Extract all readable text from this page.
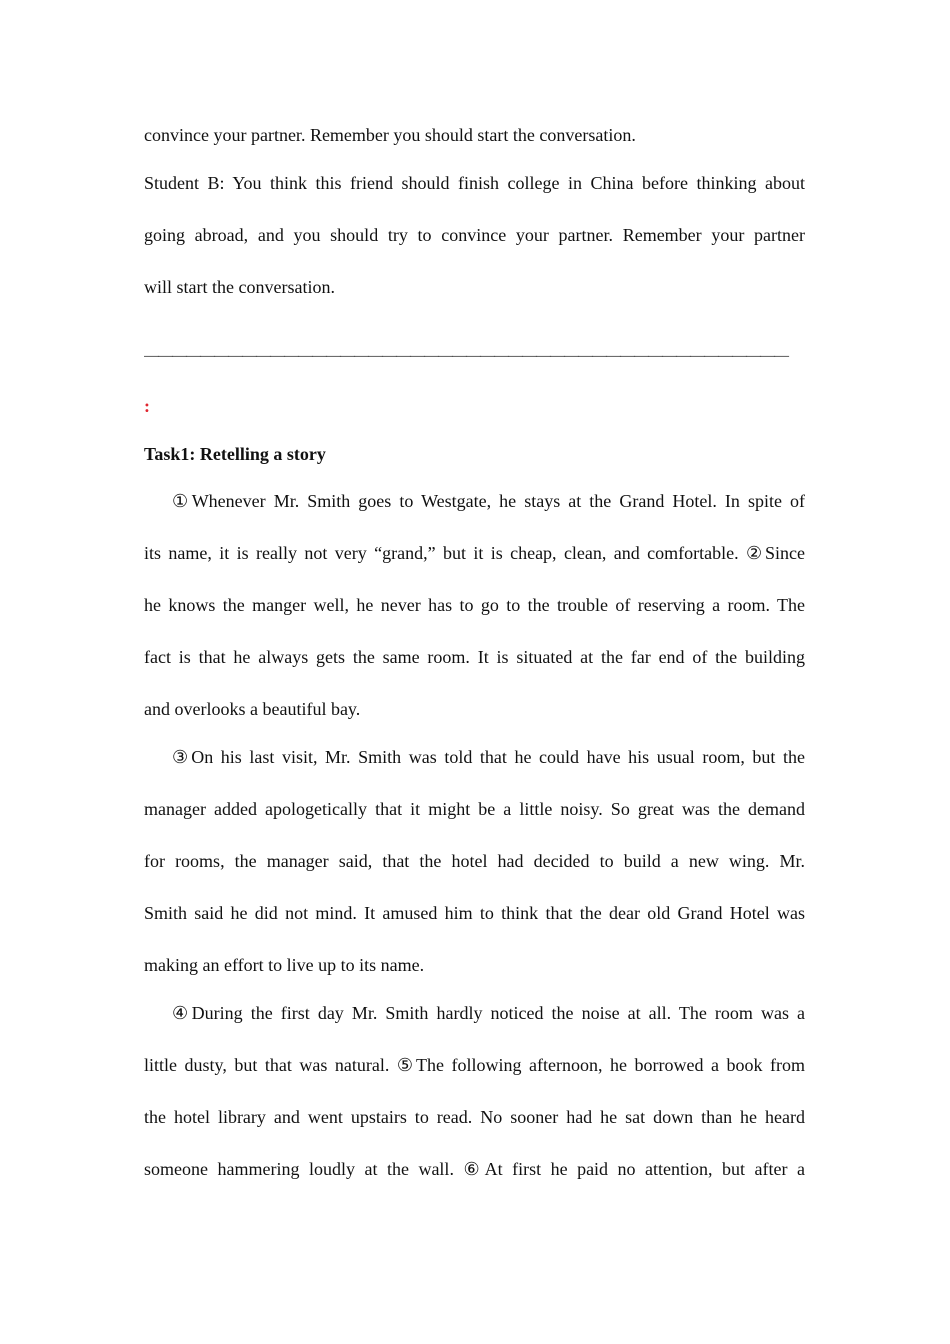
convince your partner. Remember you should start the conversation.
Student B: You think this friend should finish college in China before thinking about
going abroad, and you should try to convince your partner. Remember your partner
will start the conversation.
——————————————————————————————————————————————
:
Task1: Retelling a story
①Whenever Mr. Smith goes to Westgate, he stays at the Grand Hotel. In spite of
its name, it is really not very “grand,” but it is cheap, clean, and comfortable. ②Since
he knows the manger well, he never has to go to the trouble of reserving a room. The
fact is that he always gets the same room. It is situated at the far end of the building
and overlooks a beautiful bay.
③On his last visit, Mr. Smith was told that he could have his usual room, but the
manager added apologetically that it might be a little noisy. So great was the demand
for rooms, the manager said, that the hotel had decided to build a new wing. Mr.
Smith said he did not mind. It amused him to think that the dear old Grand Hotel was
making an effort to live up to its name.
④During the first day Mr. Smith hardly noticed the noise at all. The room was a
little dusty, but that was natural. ⑤The following afternoon, he borrowed a book from
the hotel library and went upstairs to read. No sooner had he sat down than he heard
someone hammering loudly at the wall. ⑥At first he paid no attention, but after a
